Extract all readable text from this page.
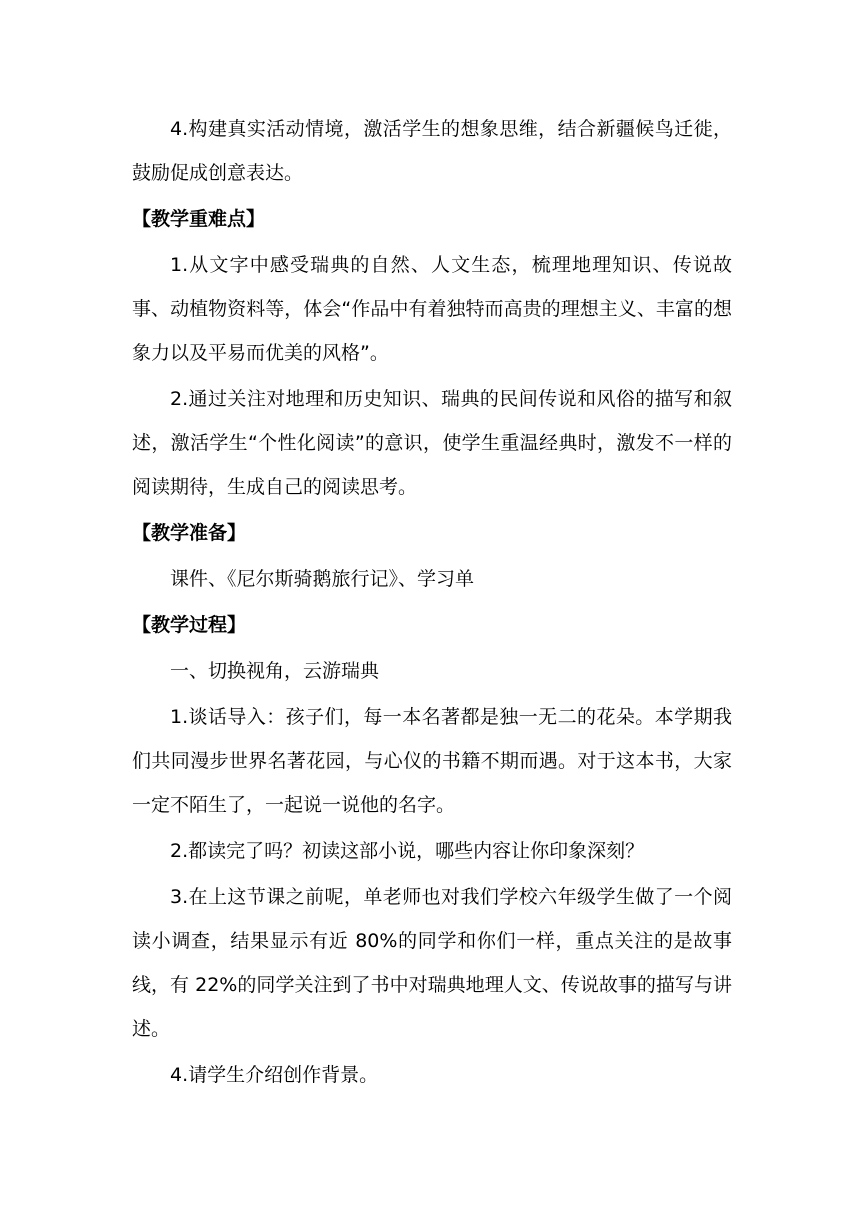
4.构建真实活动情境，激活学生的想象思维，结合新疆候鸟迁徙，鼓励促成创意表达。

【教学重难点】

1.从文字中感受瑞典的自然、人文生态，梳理地理知识、传说故事、动植物资料等，体会“作品中有着独特而高贵的理想主义、丰富的想象力以及平易而优美的风格”。

2.通过关注对地理和历史知识、瑞典的民间传说和风俗的描写和叙述，激活学生“个性化阅读”的意识，使学生重温经典时，激发不一样的阅读期待，生成自己的阅读思考。

【教学准备】

课件、《尼尔斯骑鹅旅行记》、学习单

【教学过程】

一、切换视角，云游瑞典

1.谈话导入：孩子们，每一本名著都是独一无二的花朵。本学期我们共同漫步世界名著花园，与心仪的书籍不期而遇。对于这本书，大家一定不陌生了，一起说一说他的名字。

2.都读完了吗？初读这部小说，哪些内容让你印象深刻？

3.在上这节课之前呢，单老师也对我们学校六年级学生做了一个阅读小调查，结果显示有近 80%的同学和你们一样，重点关注的是故事线，有 22%的同学关注到了书中对瑞典地理人文、传说故事的描写与讲述。

4.请学生介绍创作背景。
